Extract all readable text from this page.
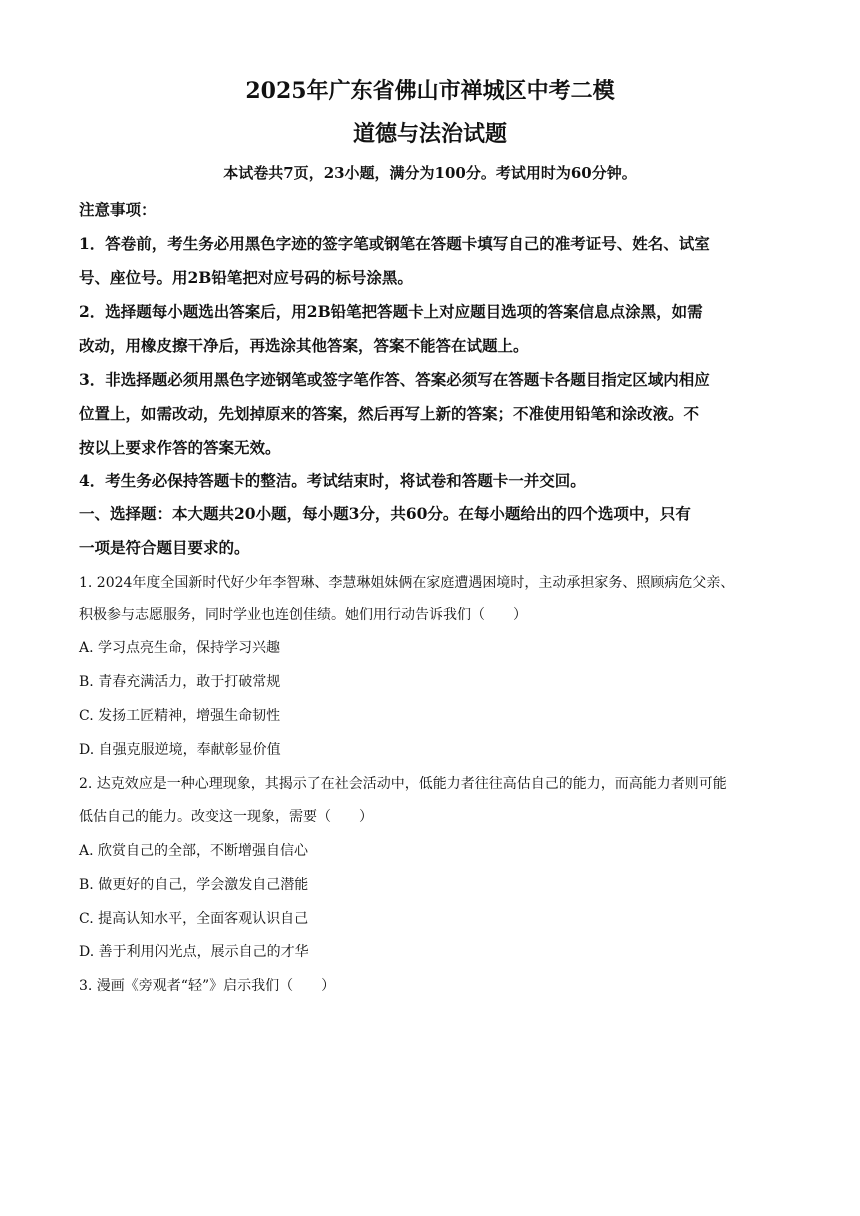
2025年广东省佛山市禅城区中考二模
道德与法治试题
本试卷共7页，23小题，满分为100分。考试用时为60分钟。
注意事项：
1．答卷前，考生务必用黑色字迹的签字笔或钢笔在答题卡填写自己的准考证号、姓名、试室
号、座位号。用2B铅笔把对应号码的标号涂黑。
2．选择题每小题选出答案后，用2B铅笔把答题卡上对应题目选项的答案信息点涂黑，如需
改动，用橡皮擦干净后，再选涂其他答案，答案不能答在试题上。
3．非选择题必须用黑色字迹钢笔或签字笔作答、答案必须写在答题卡各题目指定区域内相应
位置上，如需改动，先划掉原来的答案，然后再写上新的答案；不准使用铅笔和涂改液。不
按以上要求作答的答案无效。
4．考生务必保持答题卡的整洁。考试结束时，将试卷和答题卡一并交回。
一、选择题：本大题共20小题，每小题3分，共60分。在每小题给出的四个选项中，只有
一项是符合题目要求的。
1. 2024年度全国新时代好少年李智琳、李慧琳姐妹俩在家庭遭遇困境时，主动承担家务、照顾病危父亲、
积极参与志愿服务，同时学业也连创佳绩。她们用行动告诉我们（　　）
A. 学习点亮生命，保持学习兴趣
B. 青春充满活力，敢于打破常规
C. 发扬工匠精神，增强生命韧性
D. 自强克服逆境，奉献彰显价值
2. 达克效应是一种心理现象，其揭示了在社会活动中，低能力者往往高估自己的能力，而高能力者则可能
低估自己的能力。改变这一现象，需要（　　）
A. 欣赏自己的全部，不断增强自信心
B. 做更好的自己，学会激发自己潜能
C. 提高认知水平，全面客观认识自己
D. 善于利用闪光点，展示自己的才华
3. 漫画《旁观者“轻”》启示我们（　　）
